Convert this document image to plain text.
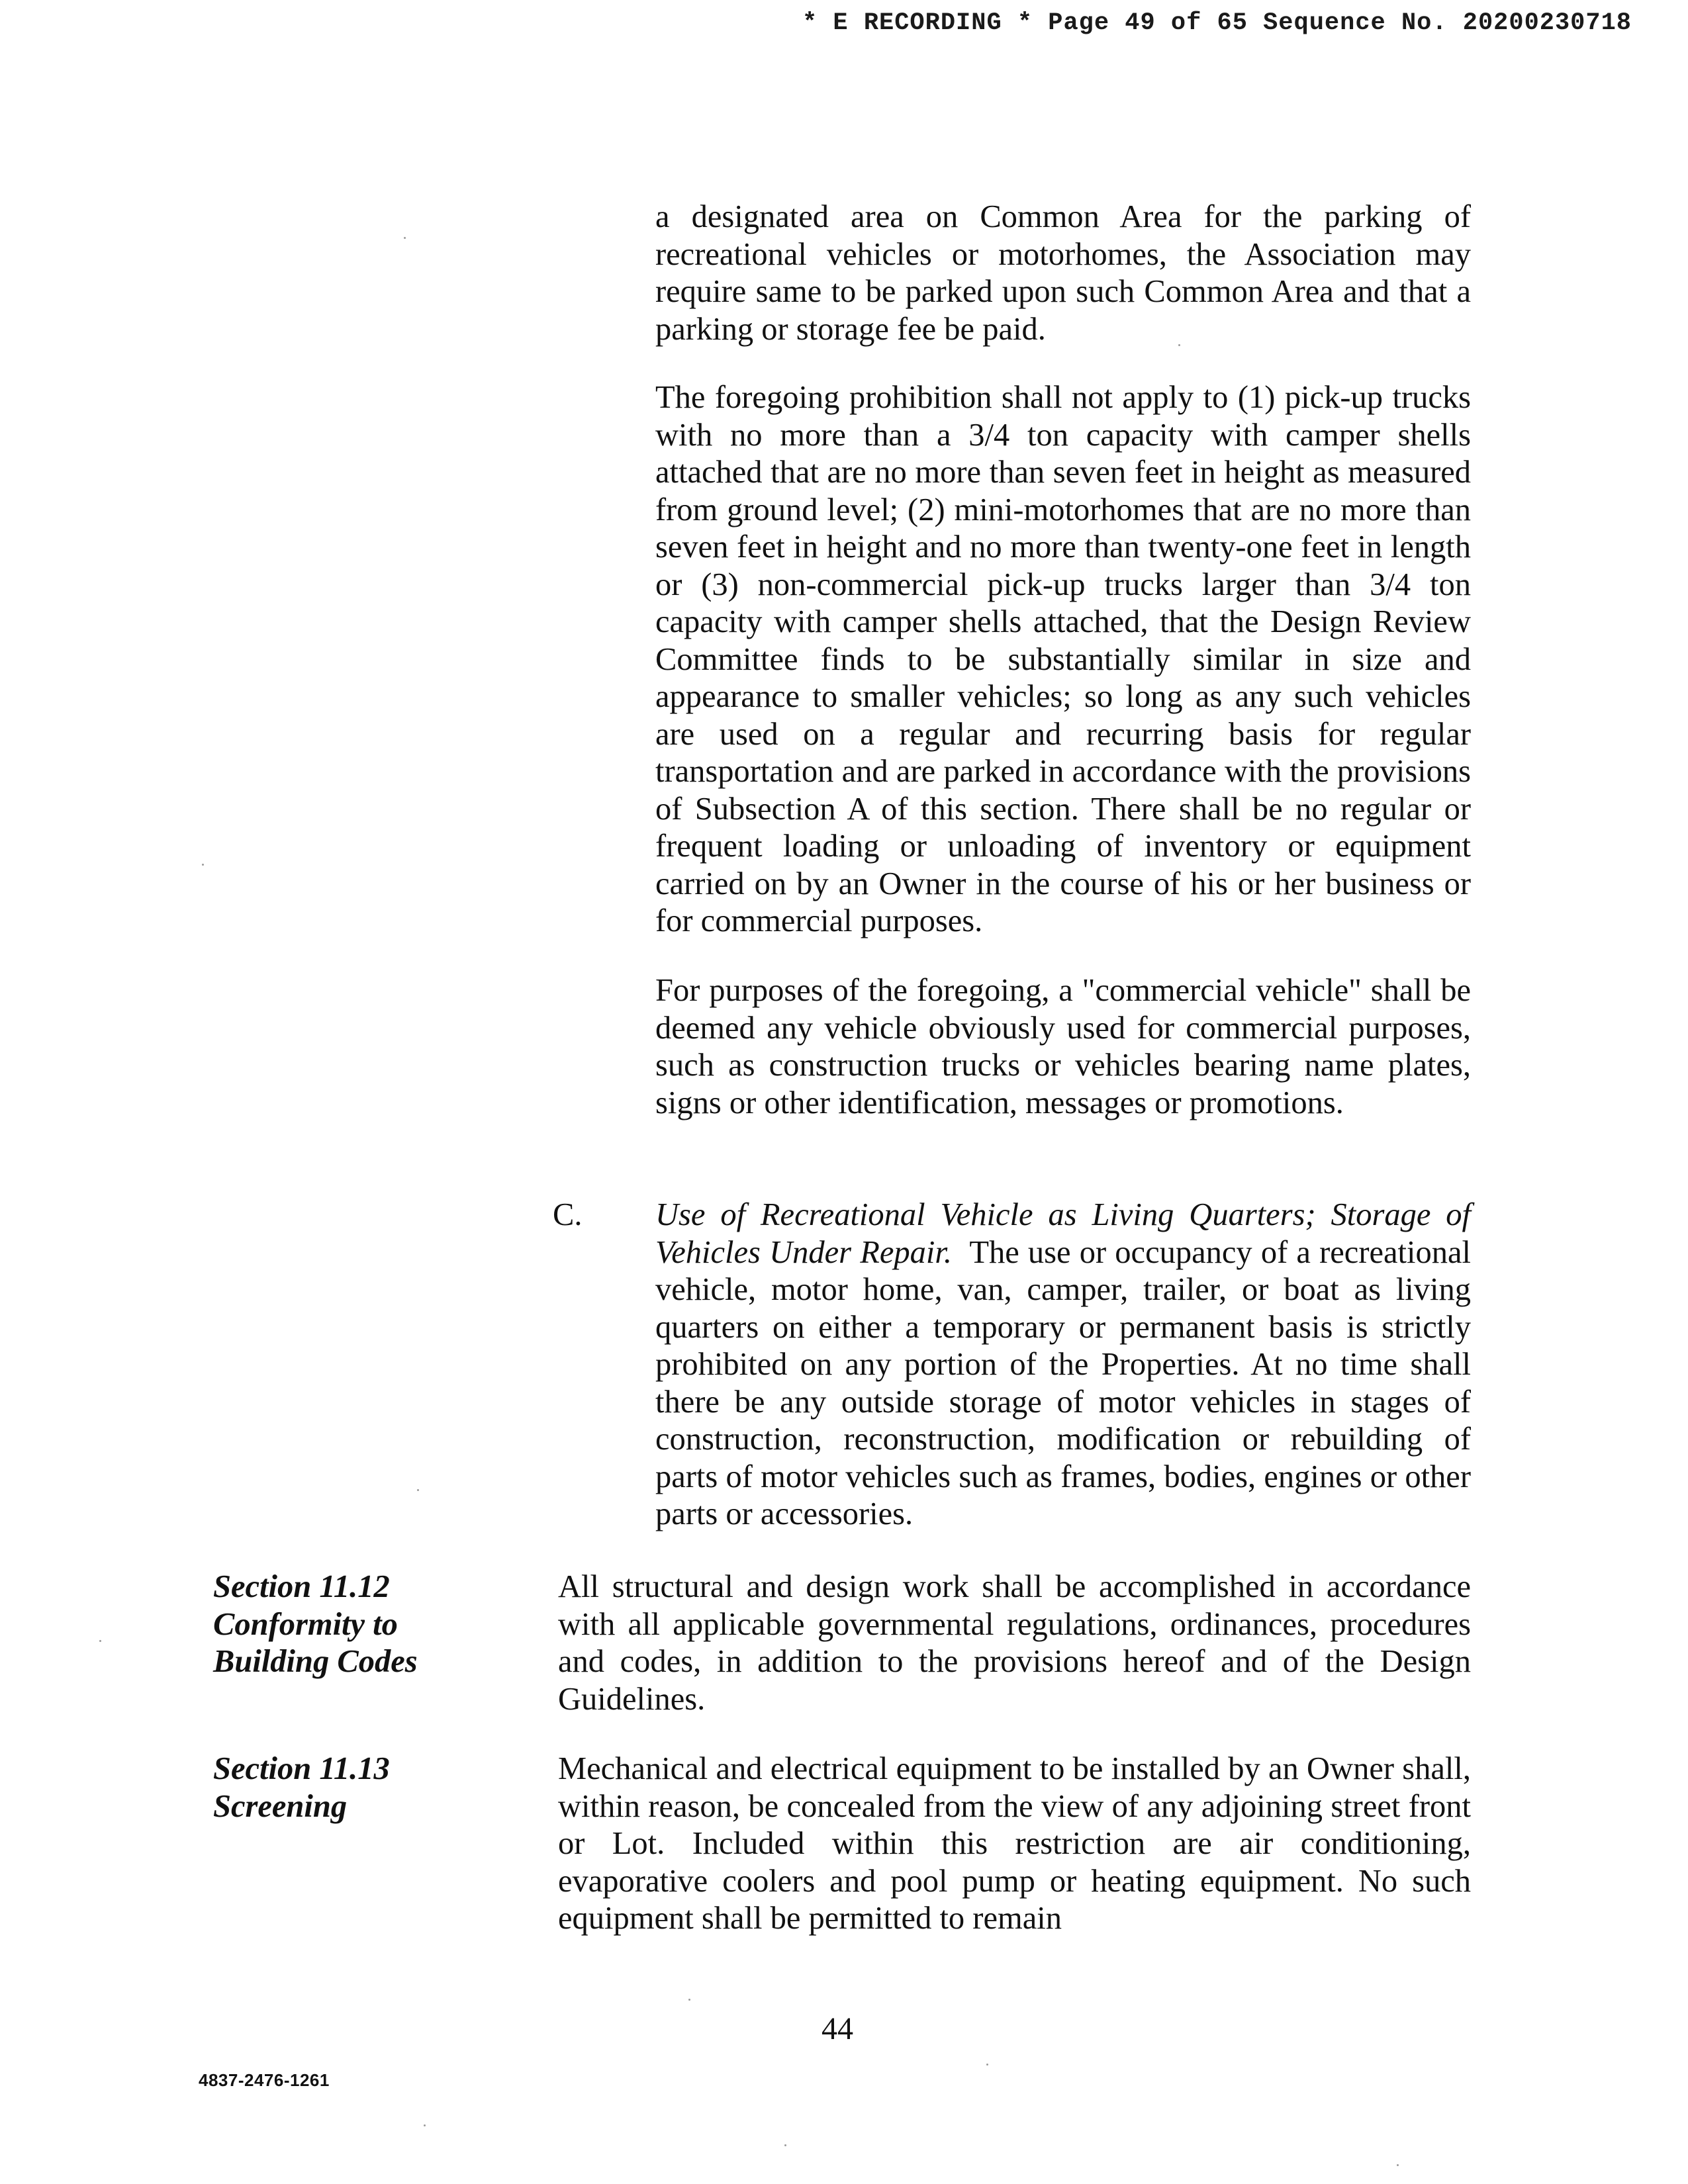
* E RECORDING * Page 49 of 65 Sequence No. 20200230718

a designated area on Common Area for the parking of recreational vehicles or motorhomes, the Association may require same to be parked upon such Common Area and that a parking or storage fee be paid.

The foregoing prohibition shall not apply to (1) pick-up trucks with no more than a 3/4 ton capacity with camper shells attached that are no more than seven feet in height as measured from ground level; (2) mini-motorhomes that are no more than seven feet in height and no more than twenty-one feet in length or (3) non-commercial pick-up trucks larger than 3/4 ton capacity with camper shells attached, that the Design Review Committee finds to be substantially similar in size and appearance to smaller vehicles; so long as any such vehicles are used on a regular and recurring basis for regular transportation and are parked in accordance with the provisions of Subsection A of this section. There shall be no regular or frequent loading or unloading of inventory or equipment carried on by an Owner in the course of his or her business or for commercial purposes.

For purposes of the foregoing, a "commercial vehicle" shall be deemed any vehicle obviously used for commercial purposes, such as construction trucks or vehicles bearing name plates, signs or other identification, messages or promotions.

C. Use of Recreational Vehicle as Living Quarters; Storage of Vehicles Under Repair. The use or occupancy of a recreational vehicle, motor home, van, camper, trailer, or boat as living quarters on either a temporary or permanent basis is strictly prohibited on any portion of the Properties. At no time shall there be any outside storage of motor vehicles in stages of construction, reconstruction, modification or rebuilding of parts of motor vehicles such as frames, bodies, engines or other parts or accessories.

Section 11.12
Conformity to
Building Codes

All structural and design work shall be accomplished in accordance with all applicable governmental regulations, ordinances, procedures and codes, in addition to the provisions hereof and of the Design Guidelines.

Section 11.13
Screening

Mechanical and electrical equipment to be installed by an Owner shall, within reason, be concealed from the view of any adjoining street front or Lot. Included within this restriction are air conditioning, evaporative coolers and pool pump or heating equipment. No such equipment shall be permitted to remain

44
4837-2476-1261
